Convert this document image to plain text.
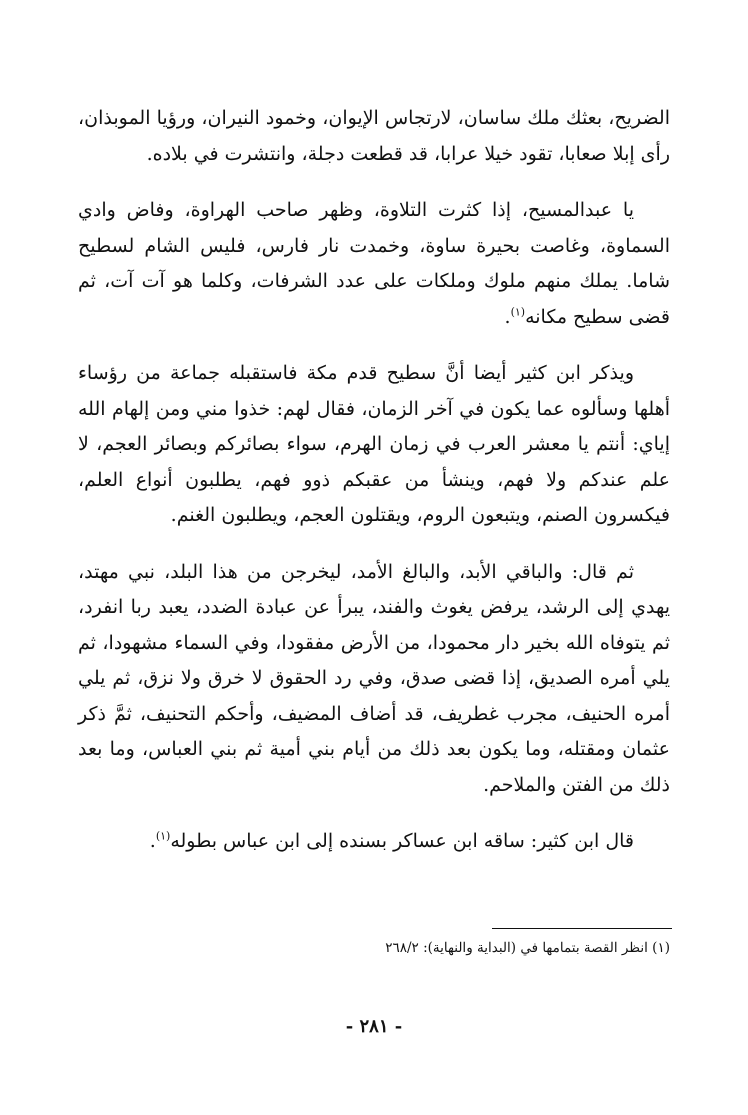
الضريح، بعثك ملك ساسان، لارتجاس الإيوان، وخمود النيران، ورؤيا الموبذان، رأى إبلا صعابا، تقود خيلا عرابا، قد قطعت دجلة، وانتشرت في بلاده.

يا عبدالمسيح، إذا كثرت التلاوة، وظهر صاحب الهراوة، وفاض وادي السماوة، وغاصت بحيرة ساوة، وخمدت نار فارس، فليس الشام لسطيح شاما. يملك منهم ملوك وملكات على عدد الشرفات، وكلما هو آت آت، ثم قضى سطيح مكانه$^{(١)}$.

ويذكر ابن كثير أيضا أنَّ سطيح قدم مكة فاستقبله جماعة من رؤساء أهلها وسألوه عما يكون في آخر الزمان، فقال لهم: خذوا مني ومن إلهام الله إياي: أنتم يا معشر العرب في زمان الهرم، سواء بصائركم وبصائر العجم، لا علم عندكم ولا فهم، وينشأ من عقبكم ذوو فهم، يطلبون أنواع العلم، فيكسرون الصنم، ويتبعون الروم، ويقتلون العجم، ويطلبون الغنم.

ثم قال: والباقي الأبد، والبالغ الأمد، ليخرجن من هذا البلد، نبي مهتد، يهدي إلى الرشد، يرفض يغوث والفند، يبرأ عن عبادة الضدد، يعبد ربا انفرد، ثم يتوفاه الله بخير دار محمودا، من الأرض مفقودا، وفي السماء مشهودا، ثم يلي أمره الصديق، إذا قضى صدق، وفي رد الحقوق لا خرق ولا نزق، ثم يلي أمره الحنيف، مجرب غطريف، قد أضاف المضيف، وأحكم التحنيف، ثمَّ ذكر عثمان ومقتله، وما يكون بعد ذلك من أيام بني أمية ثم بني العباس، وما بعد ذلك من الفتن والملاحم.

قال ابن كثير: ساقه ابن عساكر بسنده إلى ابن عباس بطوله$^{(١)}$.

(١) انظر القصة بتمامها في (البداية والنهاية): ٢٦٨/٢
- ٢٨١ -
